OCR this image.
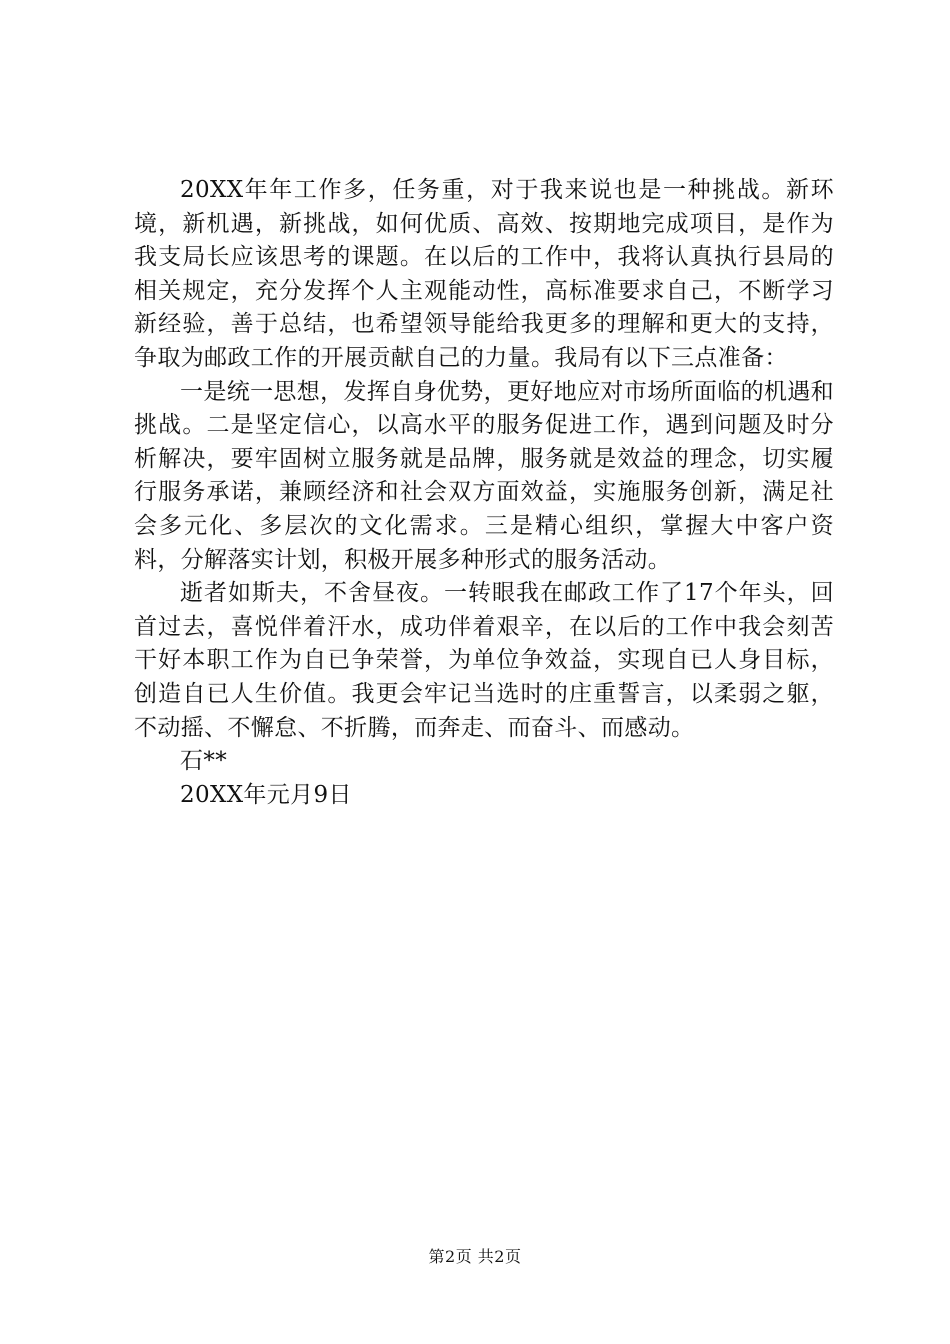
20XX年年工作多，任务重，对于我来说也是一种挑战。新环境，新机遇，新挑战，如何优质、高效、按期地完成项目，是作为我支局长应该思考的课题。在以后的工作中，我将认真执行县局的相关规定，充分发挥个人主观能动性，高标准要求自己，不断学习新经验，善于总结，也希望领导能给我更多的理解和更大的支持，争取为邮政工作的开展贡献自己的力量。我局有以下三点准备：

一是统一思想，发挥自身优势，更好地应对市场所面临的机遇和挑战。二是坚定信心，以高水平的服务促进工作，遇到问题及时分析解决，要牢固树立服务就是品牌，服务就是效益的理念，切实履行服务承诺，兼顾经济和社会双方面效益，实施服务创新，满足社会多元化、多层次的文化需求。三是精心组织，掌握大中客户资料，分解落实计划，积极开展多种形式的服务活动。

逝者如斯夫，不舍昼夜。一转眼我在邮政工作了17个年头，回首过去，喜悦伴着汗水，成功伴着艰辛，在以后的工作中我会刻苦干好本职工作为自已争荣誉，为单位争效益，实现自已人身目标，创造自已人生价值。我更会牢记当选时的庄重誓言，以柔弱之躯，不动摇、不懈怠、不折腾，而奔走、而奋斗、而感动。

石**

20XX年元月9日

第2页 共2页
